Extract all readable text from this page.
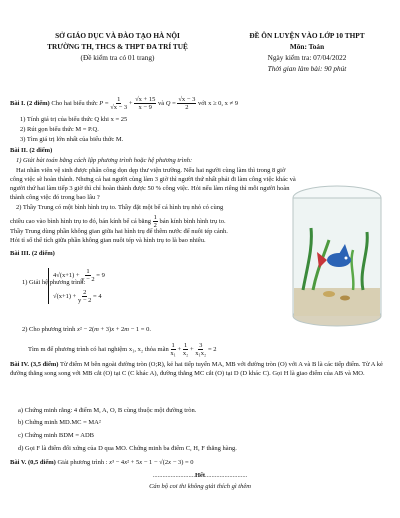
SỞ GIÁO DỤC VÀ ĐÀO TẠO HÀ NỘI
TRƯỜNG TH, THCS & THPT ĐA TRÍ TUỆ
(Đề kiểm tra có 01 trang)
ĐỀ ÔN LUYỆN VÀO LỚP 10 THPT
Môn: Toán
Ngày kiểm tra: 07/04/2022
Thời gian làm bài: 90 phút
Bài I. (2 điểm) Cho hai biểu thức $P = \frac{1}{√x - 3} + \frac{√x + 15}{x - 9}$ và $Q = \frac{√x - 3}{2}$ với x ≥ 0, x ≠ 9
1) Tính giá trị của biểu thức Q khi x = 25
2) Rút gọn biểu thức M = P.Q.
3) Tìm giá trị lớn nhất của biểu thức M.
Bài II. (2 điểm)
1) Giải bài toán bằng cách lập phương trình hoặc hệ phương trình:
Hai nhân viên vệ sinh được phân công dọn dẹp thư viện trường. Nếu hai người cùng làm thì trong 8 giờ
công việc sẽ hoàn thành. Nhưng cả hai người cùng làm 3 giờ thì người thứ nhất phải đi làm công việc khác và
người thứ hai làm tiếp 3 giờ thì chỉ hoàn thành được 50 % công việc. Hỏi nếu làm riêng thì mỗi người hoàn
thành công việc đó trong bao lâu ?
2) Thầy Trung có một bình hình trụ to. Thầy đặt một bể cá hình trụ nhỏ có cùng
chiều cao vào bình hình trụ to đó, bán kính bể cá bằng $\frac{1}{2}$ bán kính bình hình trụ to.
Thầy Trung dùng phần không gian giữa hai hình trụ để thêm nước để nuôi tép cảnh.
Hỏi tỉ số thể tích giữa phần không gian nuôi tép và hình trụ to là bao nhiêu.
Bài III. (2 điểm)
1) Giải hệ phương trình:
$4√(x+1) + \frac{1}{y - 2} = 9$
$√(x+1) + \frac{2}{y - 2} = 4$
2) Cho phương trình x² − 2(m + 3)x + 2m − 1 = 0.
Tìm m để phương trình có hai nghiệm x₁, x₂ thỏa mãn $\frac{1}{\text{x₁}} + \frac{1}{\text{x₂}} + \frac{3}{\text{x₁x₂}} = 2$
Bài IV. (3,5 điểm) Từ điểm M bên ngoài đường tròn (O;R), kẻ hai tiếp tuyến MA, MB với đường tròn (O) với A và B là các tiếp điểm. Từ A kẻ đường thẳng song song với MB cắt (O) tại C (C khác A), đường thẳng MC cắt (O) tại D (D khác C). Gọi H là giao điểm của AB và MO.
a) Chứng minh rằng: 4 điểm M, A, O, B cùng thuộc một đường tròn.
b) Chứng minh MD.MC = MA²
c) Chứng minh BDM = ADB
d) Gọi F là điểm đối xứng của D qua MO. Chứng minh ba điểm C, H, F thẳng hàng.
Bài V. (0,5 điểm) Giải phương trình : x³ − 4x² + 5x − 1 − √(2x − 3) = 0
..........................Hết..........................
Cán bộ coi thi không giải thích gì thêm
